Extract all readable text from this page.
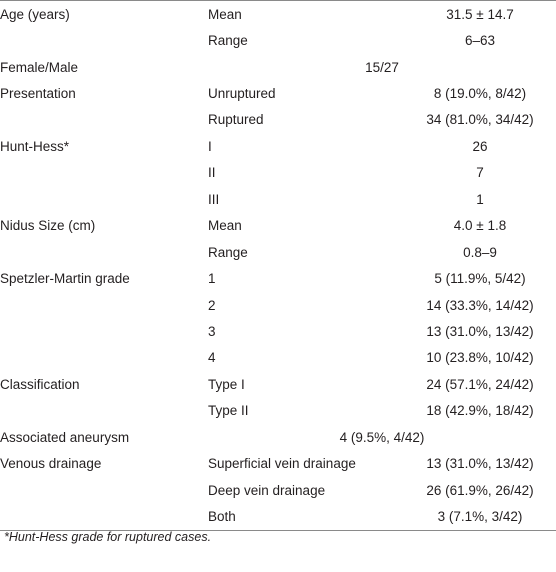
Age (years)	Mean	31.5 ± 14.7
	Range	6–63
Female/Male	15/27	
Presentation	Unruptured	8 (19.0%, 8/42)
	Ruptured	34 (81.0%, 34/42)
Hunt-Hess*	I	26
	II	7
	III	1
Nidus Size (cm)	Mean	4.0 ± 1.8
	Range	0.8–9
Spetzler-Martin grade	1	5 (11.9%, 5/42)
	2	14 (33.3%, 14/42)
	3	13 (31.0%, 13/42)
	4	10 (23.8%, 10/42)
Classification	Type I	24 (57.1%, 24/42)
	Type II	18 (42.9%, 18/42)
Associated aneurysm	4 (9.5%, 4/42)	
Venous drainage	Superficial vein drainage	13 (31.0%, 13/42)
	Deep vein drainage	26 (61.9%, 26/42)
	Both	3 (7.1%, 3/42)
*Hunt-Hess grade for ruptured cases.
